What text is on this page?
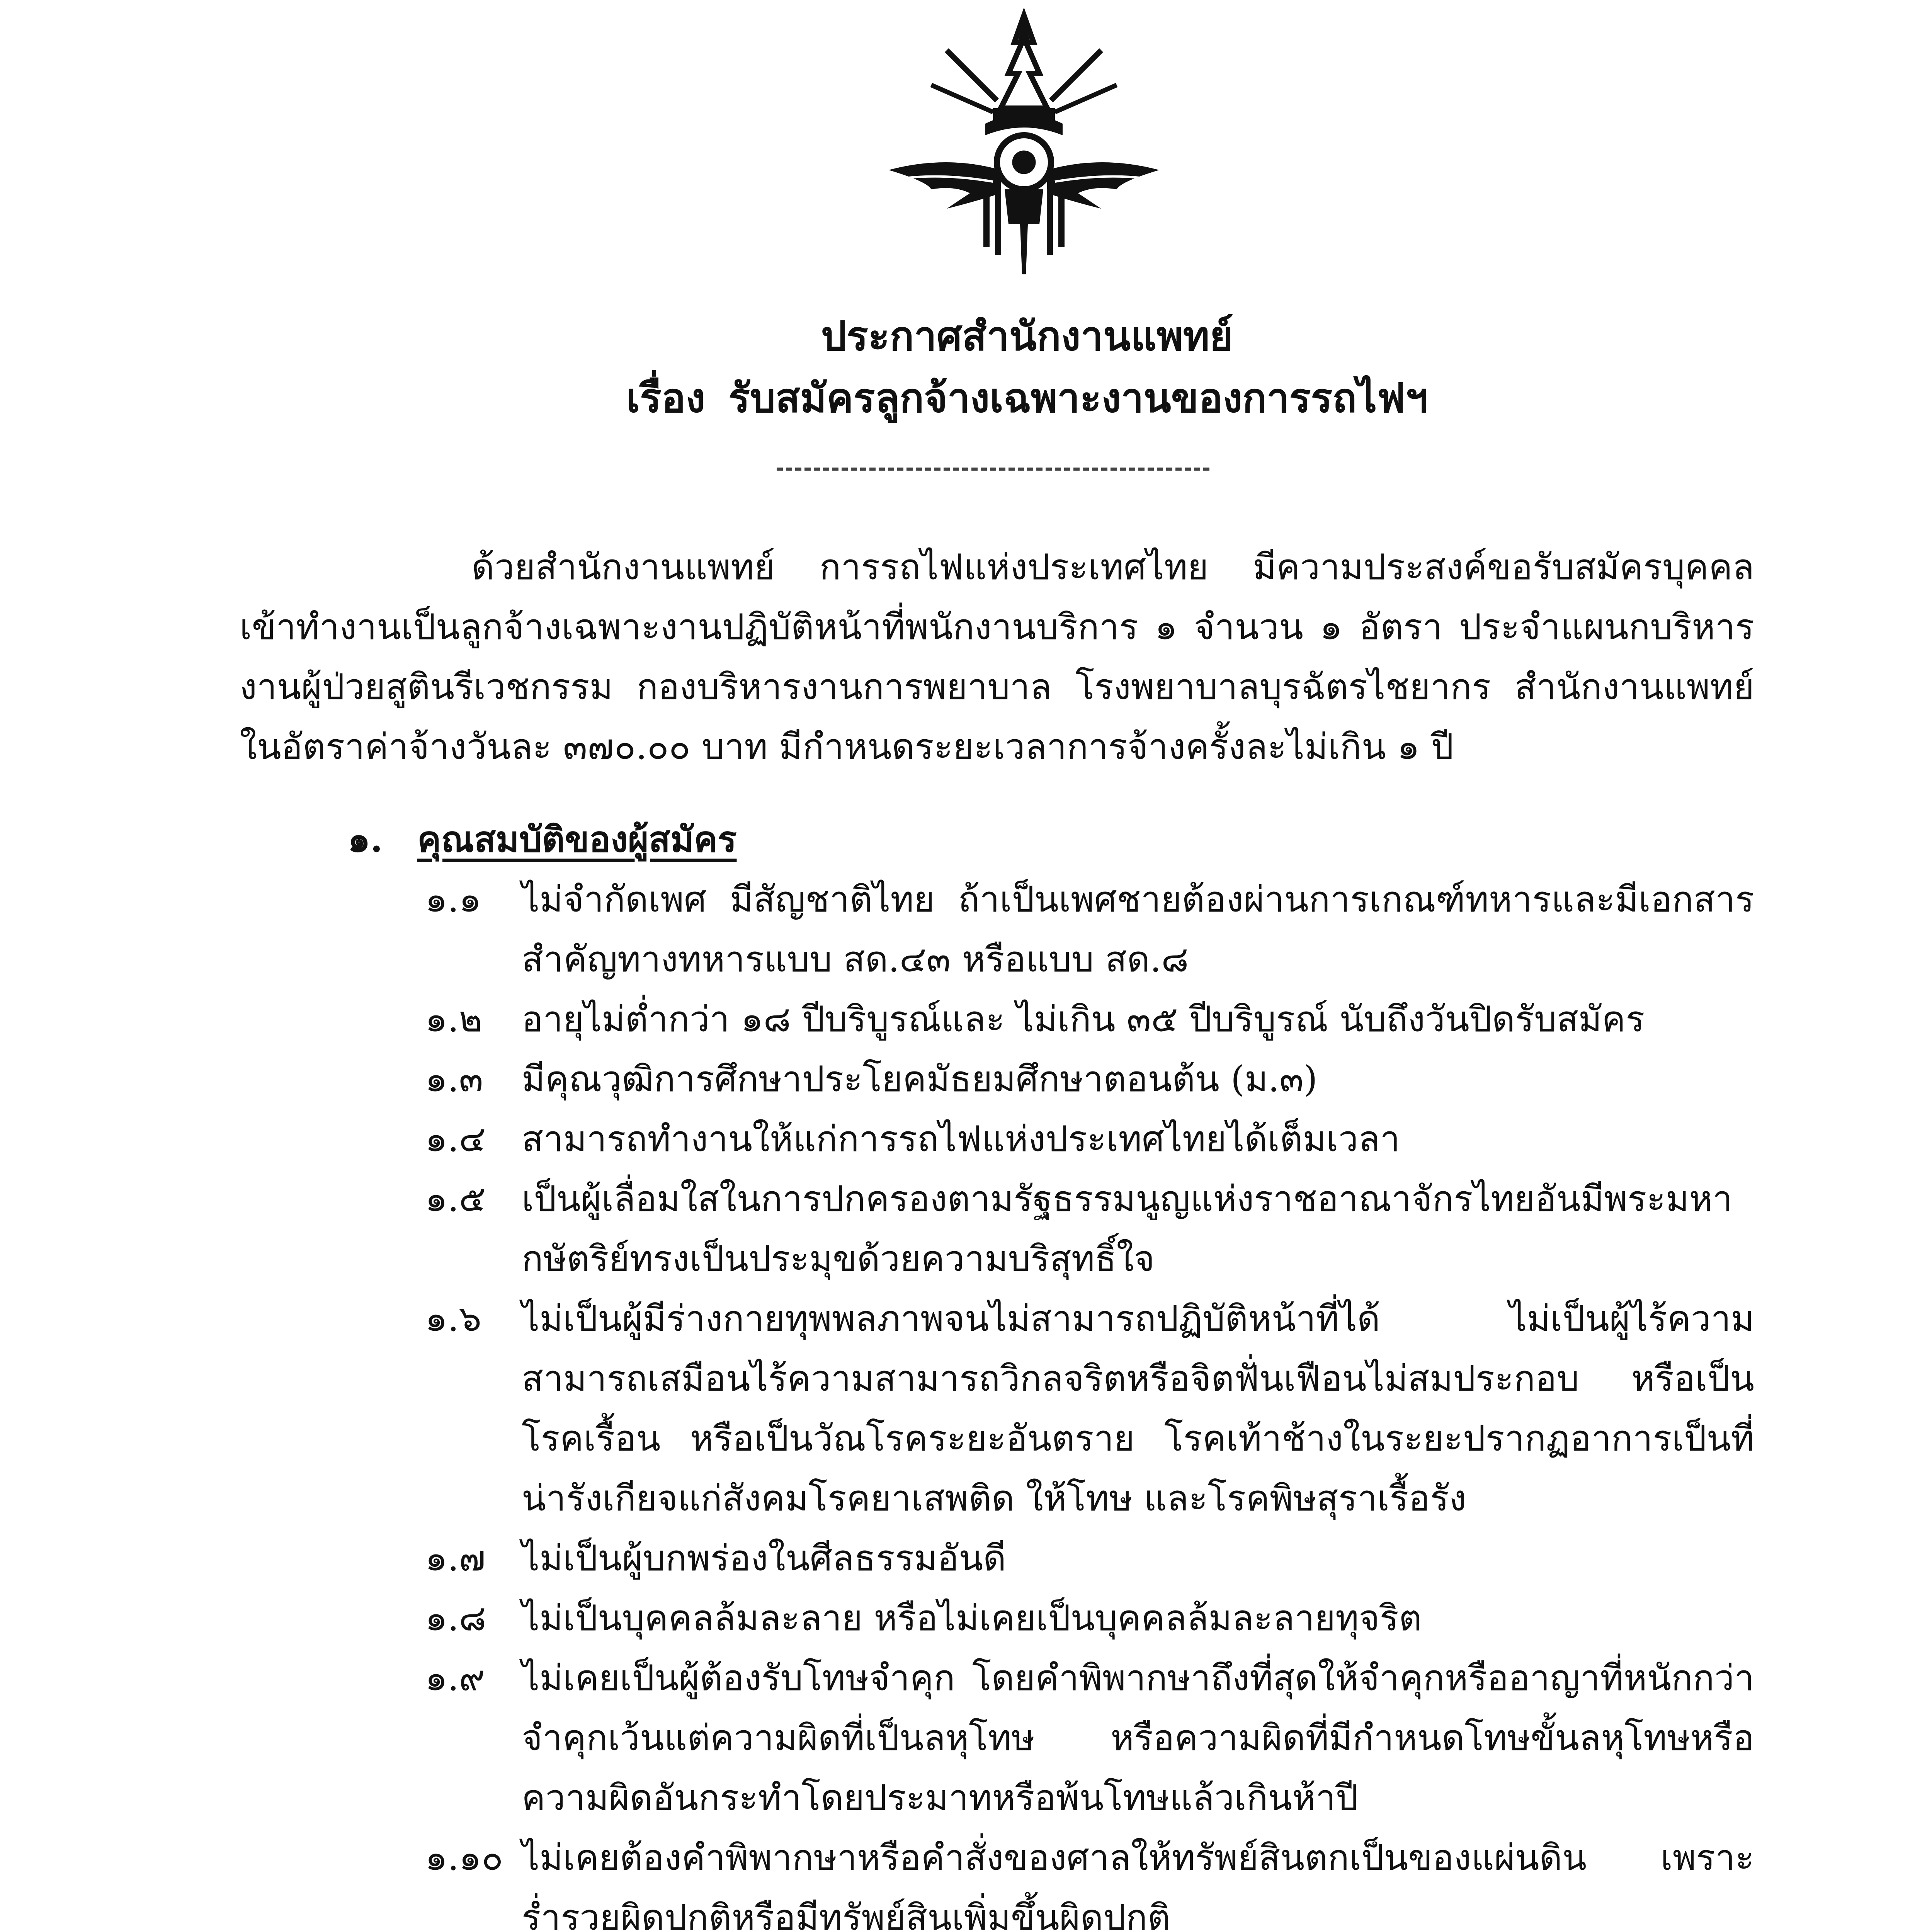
ประกาศสำนักงานแพทย์
เรื่อง รับสมัครลูกจ้างเฉพาะงานของการรถไฟฯ
ด้วยสำนักงานแพทย์ การรถไฟแห่งประเทศไทย มีความประสงค์ขอรับสมัครบุคคล เข้าทำงานเป็นลูกจ้างเฉพาะงานปฏิบัติหน้าที่พนักงานบริการ ๑ จำนวน ๑ อัตรา ประจำแผนกบริหารงานผู้ป่วยสูตินรีเวชกรรม กองบริหารงานการพยาบาล โรงพยาบาลบุรฉัตรไชยากร สำนักงานแพทย์ ในอัตราค่าจ้างวันละ ๓๗๐.๐๐ บาท มีกำหนดระยะเวลาการจ้างครั้งละไม่เกิน ๑ ปี
๑. คุณสมบัติของผู้สมัคร
๑.๑	ไม่จำกัดเพศ มีสัญชาติไทย ถ้าเป็นเพศชายต้องผ่านการเกณฑ์ทหารและมีเอกสารสำคัญทางทหารแบบ สด.๔๓ หรือแบบ สด.๘
๑.๒	อายุไม่ต่ำกว่า ๑๘ ปีบริบูรณ์และ ไม่เกิน ๓๕ ปีบริบูรณ์ นับถึงวันปิดรับสมัคร
๑.๓	มีคุณวุฒิการศึกษาประโยคมัธยมศึกษาตอนต้น (ม.๓)
๑.๔	สามารถทำงานให้แก่การรถไฟแห่งประเทศไทยได้เต็มเวลา
๑.๕	เป็นผู้เลื่อมใสในการปกครองตามรัฐธรรมนูญแห่งราชอาณาจักรไทยอันมีพระมหากษัตริย์ทรงเป็นประมุขด้วยความบริสุทธิ์ใจ
๑.๖	ไม่เป็นผู้มีร่างกายทุพพลภาพจนไม่สามารถปฏิบัติหน้าที่ได้ ไม่เป็นผู้ไร้ความสามารถเสมือนไร้ความสามารถวิกลจริตหรือจิตฟั่นเฟือนไม่สมประกอบ หรือเป็นโรคเรื้อน หรือเป็นวัณโรคระยะอันตราย โรคเท้าช้างในระยะปรากฏอาการเป็นที่น่ารังเกียจแก่สังคมโรคยาเสพติด ให้โทษ และโรคพิษสุราเรื้อรัง
๑.๗	ไม่เป็นผู้บกพร่องในศีลธรรมอันดี
๑.๘ ไม่เป็นบุคคลล้มละลาย หรือไม่เคยเป็นบุคคลล้มละลายทุจริต
๑.๙	ไม่เคยเป็นผู้ต้องรับโทษจำคุก โดยคำพิพากษาถึงที่สุดให้จำคุกหรืออาญาที่หนักกว่าจำคุกเว้นแต่ความผิดที่เป็นลหุโทษ หรือความผิดที่มีกำหนดโทษขั้นลหุโทษหรือความผิดอันกระทำโดยประมาทหรือพ้นโทษแล้วเกินห้าปี
๑.๑๐ ไม่เคยต้องคำพิพากษาหรือคำสั่งของศาลให้ทรัพย์สินตกเป็นของแผ่นดิน เพราะร่ำรวยผิดปกติหรือมีทรัพย์สินเพิ่มขึ้นผิดปกติ
